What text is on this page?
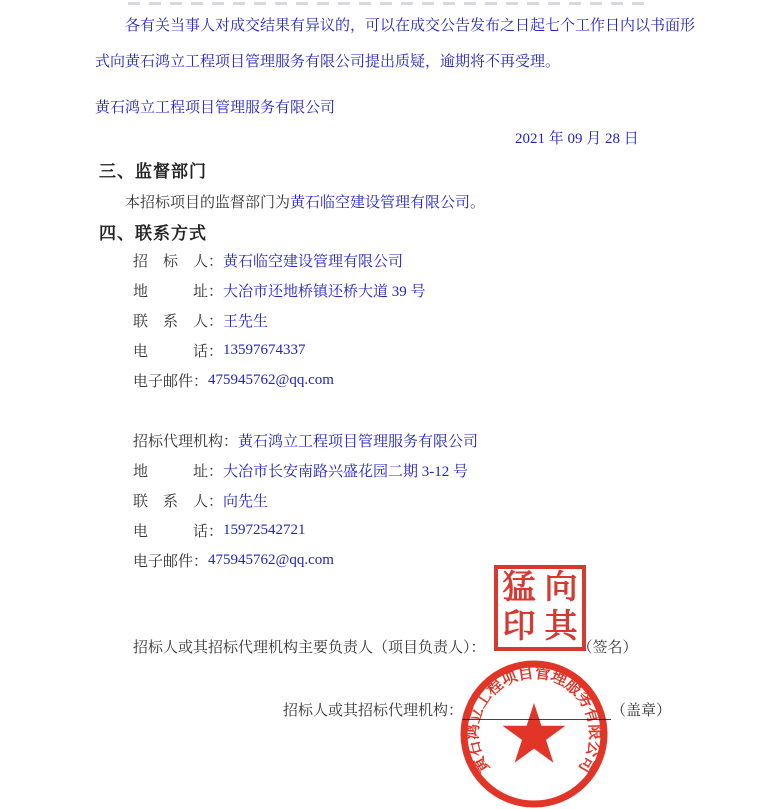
各有关当事人对成交结果有异议的，可以在成交公告发布之日起七个工作日内以书面形
式向黄石鸿立工程项目管理服务有限公司提出质疑，逾期将不再受理。
黄石鸿立工程项目管理服务有限公司
2021 年 09 月 28 日
三、监督部门
本招标项目的监督部门为黄石临空建设管理有限公司。
四、联系方式
招　标　人： 黄石临空建设管理有限公司
地　　　址： 大冶市还地桥镇还桥大道 39 号
联　系　人： 王先生
电　　　话： 13597674337
电子邮件： 475945762@qq.com
招标代理机构： 黄石鸿立工程项目管理服务有限公司
地　　　址： 大冶市长安南路兴盛花园二期 3-12 号
联　系　人： 向先生
电　　　话： 15972542721
电子邮件： 475945762@qq.com
招标人或其招标代理机构主要负责人（项目负责人）：	（签名）
招标人或其招标代理机构：	（盖章）
猛 向
印 其
黄石鸿立工程项目管理服务有限公司
